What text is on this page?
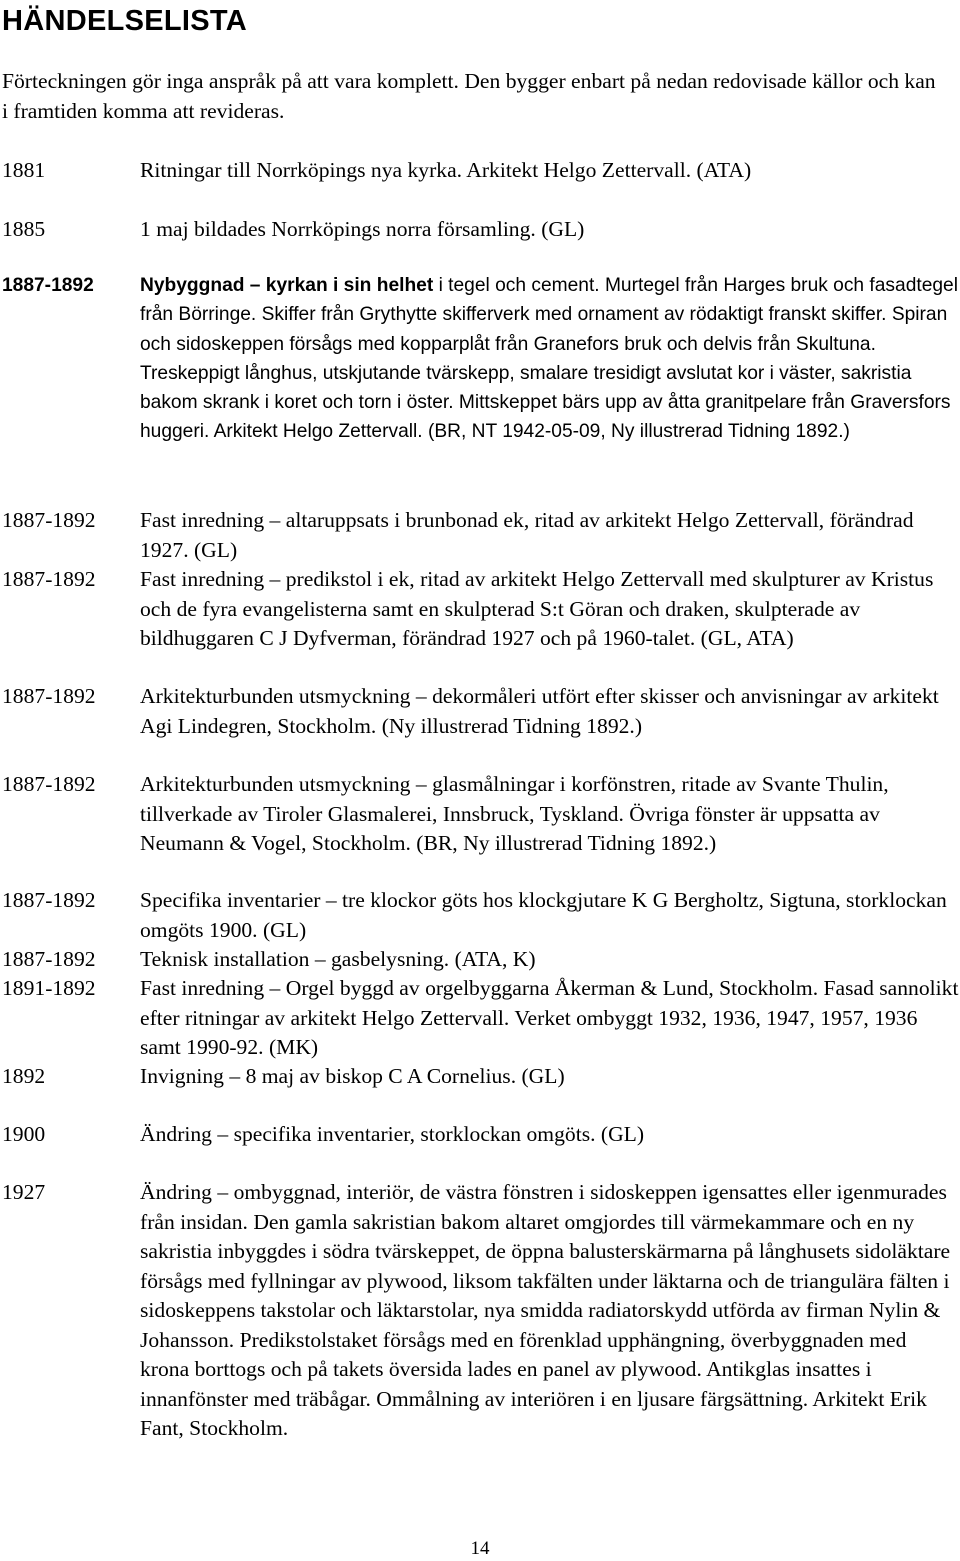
HÄNDELSELISTA
Förteckningen gör inga anspråk på att vara komplett. Den bygger enbart på nedan redovisade källor och kan i framtiden komma att revideras.
1881	Ritningar till Norrköpings nya kyrka. Arkitekt Helgo Zettervall. (ATA)
1885	1 maj bildades Norrköpings norra församling. (GL)
1887-1892 Nybyggnad – kyrkan i sin helhet i tegel och cement. Murtegel från Harges bruk och fasadtegel från Börringe. Skiffer från Grythytte skifferverk med ornament av rödaktigt franskt skiffer. Spiran och sidoskeppen försågs med kopparplåt från Granefors bruk och delvis från Skultuna. Treskeppigt långhus, utskjutande tvärskepp, smalare tresidigt avslutat kor i väster, sakristia bakom skrank i koret och torn i öster. Mittskeppet bärs upp av åtta granitpelare från Graversfors huggeri. Arkitekt Helgo Zettervall. (BR, NT 1942-05-09, Ny illustrerad Tidning 1892.)
1887-1892 Fast inredning – altaruppsats i brunbonad ek, ritad av arkitekt Helgo Zettervall, förändrad 1927. (GL)
1887-1892 Fast inredning – predikstol i ek, ritad av arkitekt Helgo Zettervall med skulpturer av Kristus och de fyra evangelisterna samt en skulpterad S:t Göran och draken, skulpterade av bildhuggaren C J Dyfverman, förändrad 1927 och på 1960-talet. (GL, ATA)
1887-1892 Arkitekturbunden utsmyckning – dekormåleri utfört efter skisser och anvisningar av arkitekt Agi Lindegren, Stockholm. (Ny illustrerad Tidning 1892.)
1887-1892 Arkitekturbunden utsmyckning – glasmålningar i korfönstren, ritade av Svante Thulin, tillverkade av Tiroler Glasmalerei, Innsbruck, Tyskland. Övriga fönster är uppsatta av Neumann & Vogel, Stockholm. (BR, Ny illustrerad Tidning 1892.)
1887-1892 Specifika inventarier – tre klockor göts hos klockgjutare K G Bergholtz, Sigtuna, storklockan omgöts 1900. (GL)
1887-1892 Teknisk installation – gasbelysning. (ATA, K)
1891-1892 Fast inredning – Orgel byggd av orgelbyggarna Åkerman & Lund, Stockholm. Fasad sannolikt efter ritningar av arkitekt Helgo Zettervall. Verket ombyggt 1932, 1936, 1947, 1957, 1936 samt 1990-92. (MK)
1892	Invigning – 8 maj av biskop C A Cornelius. (GL)
1900	Ändring – specifika inventarier, storklockan omgöts. (GL)
1927	Ändring – ombyggnad, interiör, de västra fönstren i sidoskeppen igensattes eller igenmurades från insidan. Den gamla sakristian bakom altaret omgjordes till värmekammare och en ny sakristia inbyggdes i södra tvärskeppet, de öppna balusterskärmarna på långhusets sidoläktare försågs med fyllningar av plywood, liksom takfälten under läktarna och de triangulära fälten i sidoskeppens takstolar och läktarstolar, nya smidda radiatorskydd utförda av firman Nylin & Johansson. Predikstolstaket försågs med en förenklad upphängning, överbyggnaden med krona borttogs och på takets översida lades en panel av plywood. Antikglas insattes i innanfönster med träbågar. Ommålning av interiören i en ljusare färgsättning. Arkitekt Erik Fant, Stockholm.
14
